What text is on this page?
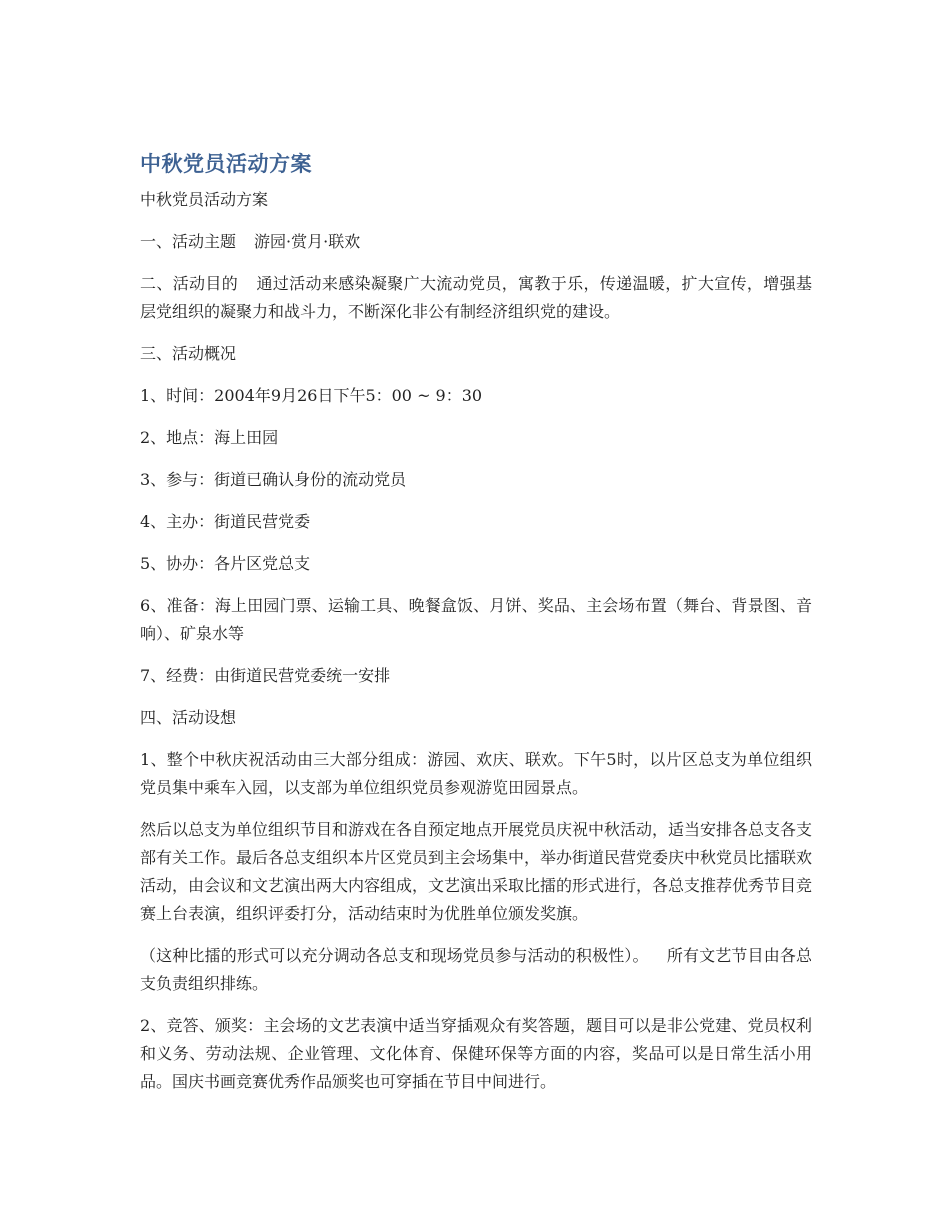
中秋党员活动方案
中秋党员活动方案

一、活动主题 游园·赏月·联欢

二、活动目的 通过活动来感染凝聚广大流动党员，寓教于乐，传递温暖，扩大宣传，增强基层党组织的凝聚力和战斗力，不断深化非公有制经济组织党的建设。

三、活动概况

1、时间：2004年9月26日下午5：00 ~ 9：30

2、地点：海上田园

3、参与：街道已确认身份的流动党员

4、主办：街道民营党委

5、协办：各片区党总支

6、准备：海上田园门票、运输工具、晚餐盒饭、月饼、奖品、主会场布置（舞台、背景图、音响）、矿泉水等

7、经费：由街道民营党委统一安排

四、活动设想

1、整个中秋庆祝活动由三大部分组成：游园、欢庆、联欢。下午5时，以片区总支为单位组织党员集中乘车入园，以支部为单位组织党员参观游览田园景点。

然后以总支为单位组织节目和游戏在各自预定地点开展党员庆祝中秋活动，适当安排各总支各支部有关工作。最后各总支组织本片区党员到主会场集中，举办街道民营党委庆中秋党员比擂联欢活动，由会议和文艺演出两大内容组成，文艺演出采取比擂的形式进行，各总支推荐优秀节目竞赛上台表演，组织评委打分，活动结束时为优胜单位颁发奖旗。

（这种比擂的形式可以充分调动各总支和现场党员参与活动的积极性）。 所有文艺节目由各总支负责组织排练。

2、竞答、颁奖：主会场的文艺表演中适当穿插观众有奖答题，题目可以是非公党建、党员权利和义务、劳动法规、企业管理、文化体育、保健环保等方面的内容，奖品可以是日常生活小用品。国庆书画竞赛优秀作品颁奖也可穿插在节目中间进行。
